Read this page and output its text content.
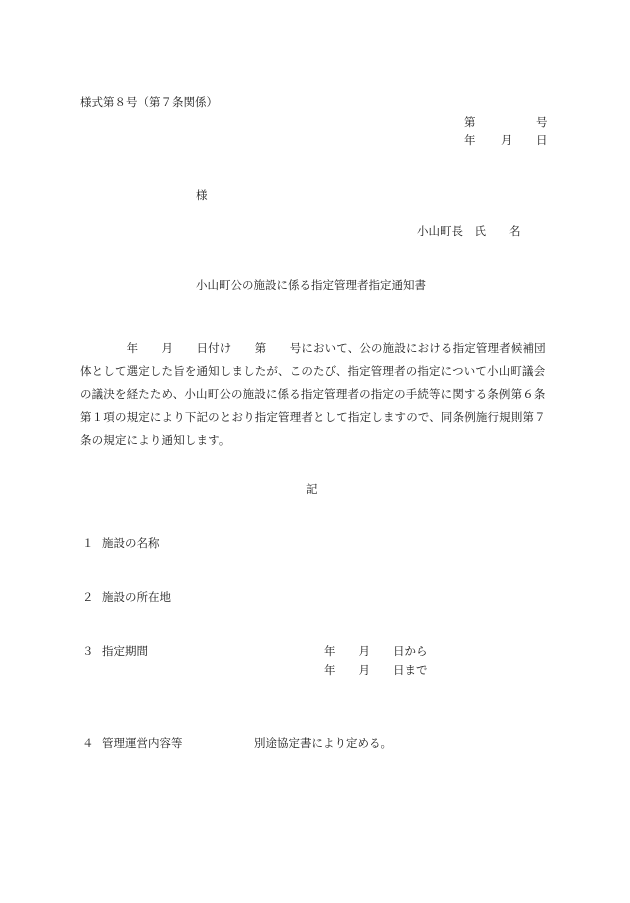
様式第８号（第７条関係）
第	号
年 月 日
様
小山町長　氏　　名
小山町公の施設に係る指定管理者指定通知書
　　　　年　　月　　日付け　　第　　号において、公の施設における指定管理者候補団
体として選定した旨を通知しましたが、このたび、指定管理者の指定について小山町議会
の議決を経たため、小山町公の施設に係る指定管理者の指定の手続等に関する条例第６条
第１項の規定により下記のとおり指定管理者として指定しますので、同条例施行規則第７
条の規定により通知します。
記
１ 施設の名称
２ 施設の所在地
３ 指定期間	年　　月　　日から
年　　月　　日まで
４ 管理運営内容等	別途協定書により定める。
